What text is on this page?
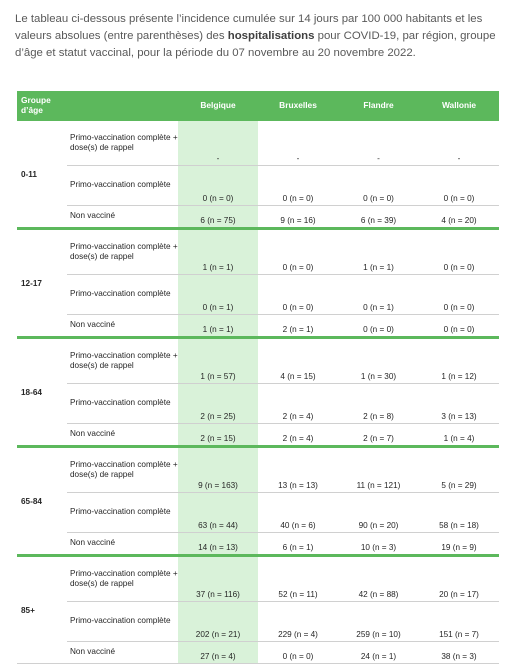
Le tableau ci-dessous présente l’incidence cumulée sur 14 jours par 100 000 habitants et les valeurs absolues (entre parenthèses) des hospitalisations pour COVID-19, par région, groupe d’âge et statut vaccinal, pour la période du 07 novembre au 20 novembre 2022.

Groupe d’âge		Belgique	Bruxelles	Flandre	Wallonie
0-11	Primo-vaccination complète + dose(s) de rappel	-	-	-	-
	Primo-vaccination complète	0 (n = 0)	0 (n = 0)	0 (n = 0)	0 (n = 0)
	Non vacciné	6 (n = 75)	9 (n = 16)	6 (n = 39)	4 (n = 20)
12-17	Primo-vaccination complète + dose(s) de rappel	1 (n = 1)	0 (n = 0)	1 (n = 1)	0 (n = 0)
	Primo-vaccination complète	0 (n = 1)	0 (n = 0)	0 (n = 1)	0 (n = 0)
	Non vacciné	1 (n = 1)	2 (n = 1)	0 (n = 0)	0 (n = 0)
18-64	Primo-vaccination complète + dose(s) de rappel	1 (n = 57)	4 (n = 15)	1 (n = 30)	1 (n = 12)
	Primo-vaccination complète	2 (n = 25)	2 (n = 4)	2 (n = 8)	3 (n = 13)
	Non vacciné	2 (n = 15)	2 (n = 4)	2 (n = 7)	1 (n = 4)
65-84	Primo-vaccination complète + dose(s) de rappel	9 (n = 163)	13 (n = 13)	11 (n = 121)	5 (n = 29)
	Primo-vaccination complète	63 (n = 44)	40 (n = 6)	90 (n = 20)	58 (n = 18)
	Non vacciné	14 (n = 13)	6 (n = 1)	10 (n = 3)	19 (n = 9)
85+	Primo-vaccination complète + dose(s) de rappel	37 (n = 116)	52 (n = 11)	42 (n = 88)	20 (n = 17)
	Primo-vaccination complète	202 (n = 21)	229 (n = 4)	259 (n = 10)	151 (n = 7)
	Non vacciné	27 (n = 4)	0 (n = 0)	24 (n = 1)	38 (n = 3)
